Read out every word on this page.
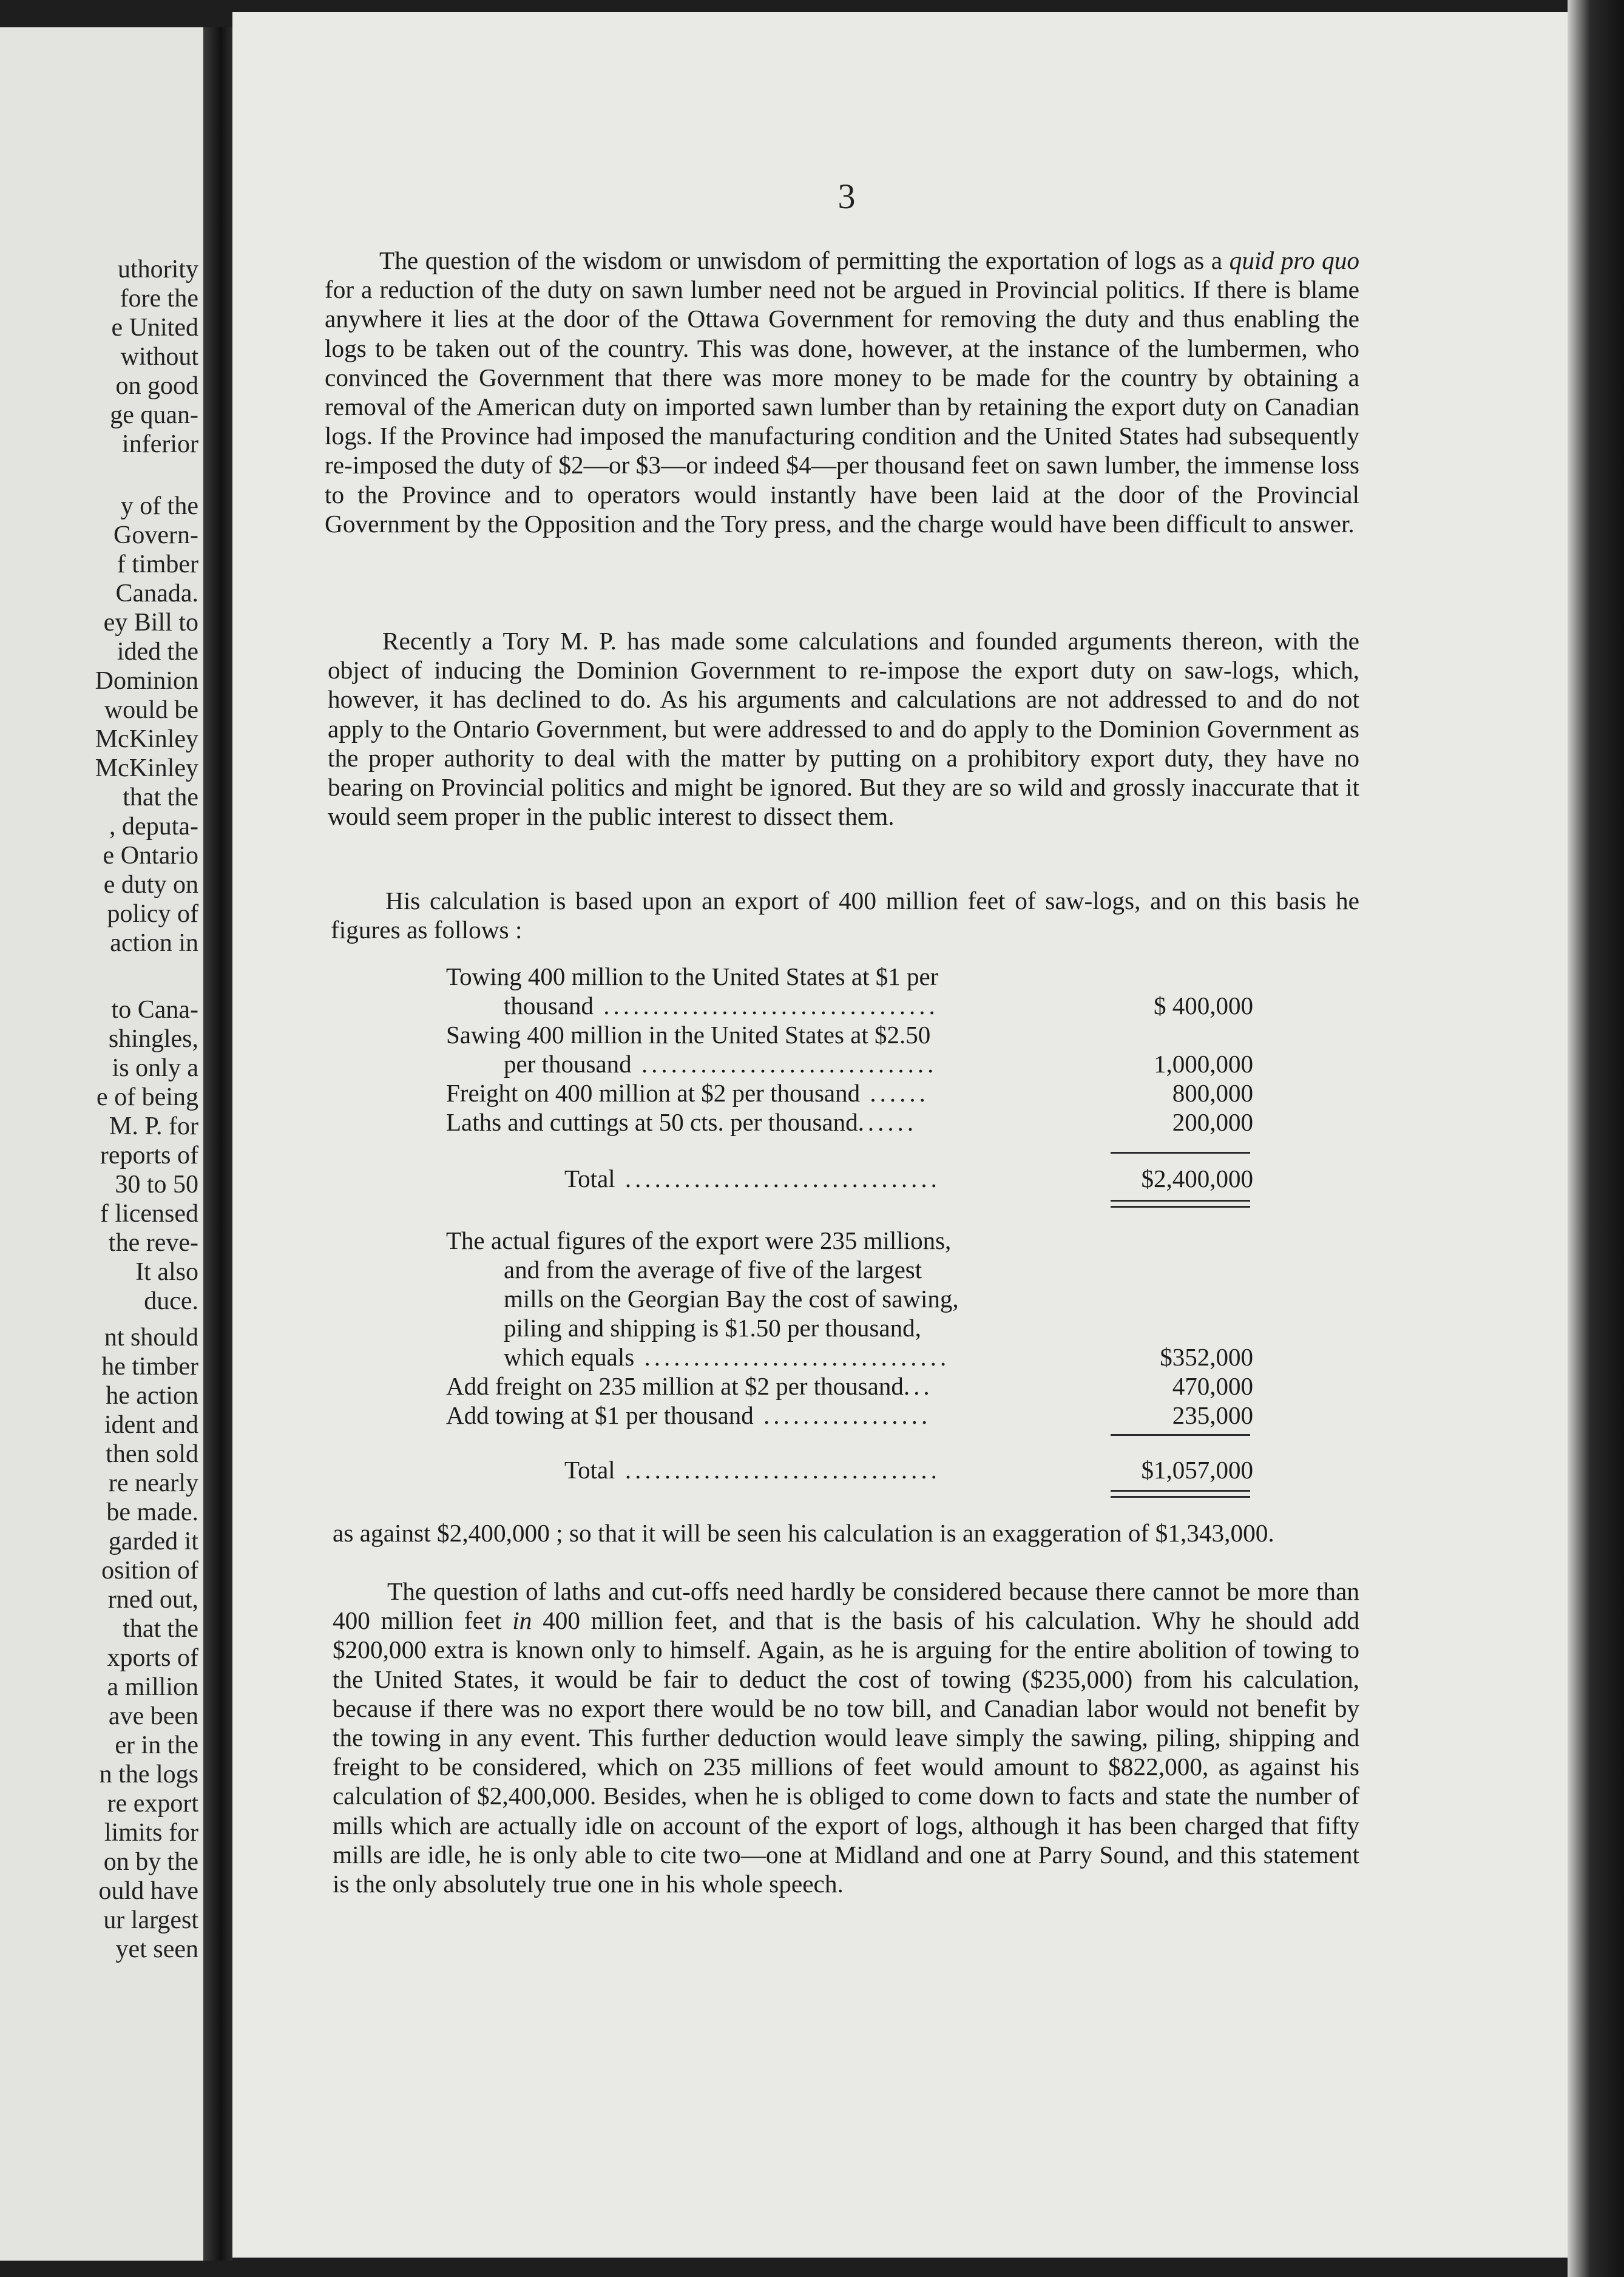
uthority
fore the
e United
without
on good
ge quan-
inferior
y of the
Govern-
f timber
Canada.
ey Bill to
ided the
Dominion
would be
McKinley
McKinley
that the
, deputa-
e Ontario
e duty on
policy of
action in
to Cana-
shingles,
is only a
e of being
M. P. for
reports of
30 to 50
f licensed
the reve-
It also
duce.
nt should
he timber
he action
ident and
then sold
re nearly
be made.
garded it
osition of
rned out,
that the
xports of
a million
ave been
er in the
n the logs
re export
limits for
on by the
ould have
ur largest
yet seen
3

The question of the wisdom or unwisdom of permitting the exportation of logs as a quid pro quo for a reduction of the duty on sawn lumber need not be argued in Provincial politics. If there is blame anywhere it lies at the door of the Ottawa Government for removing the duty and thus enabling the logs to be taken out of the country. This was done, however, at the instance of the lumbermen, who convinced the Government that there was more money to be made for the country by obtaining a removal of the American duty on imported sawn lumber than by retaining the export duty on Canadian logs. If the Province had imposed the manufacturing condition and the United States had subsequently re-imposed the duty of $2—or $3—or indeed $4—per thousand feet on sawn lumber, the immense loss to the Province and to operators would instantly have been laid at the door of the Provincial Government by the Opposition and the Tory press, and the charge would have been difficult to answer.

Recently a Tory M. P. has made some calculations and founded arguments thereon, with the object of inducing the Dominion Government to re-impose the export duty on saw-logs, which, however, it has declined to do. As his arguments and calculations are not addressed to and do not apply to the Ontario Government, but were addressed to and do apply to the Dominion Government as the proper authority to deal with the matter by putting on a prohibitory export duty, they have no bearing on Provincial politics and might be ignored. But they are so wild and grossly inaccurate that it would seem proper in the public interest to dissect them.

His calculation is based upon an export of 400 million feet of saw-logs, and on this basis he figures as follows :

Towing 400 million to the United States at $1 per
thousand ..................................	$ 400,000
Sawing 400 million in the United States at $2.50
per thousand ..............................	1,000,000
Freight on 400 million at $2 per thousand ......	800,000
Laths and cuttings at 50 cts. per thousand......	200,000
Total ................................	$2,400,000
The actual figures of the export were 235 millions,
and from the average of five of the largest
mills on the Georgian Bay the cost of sawing,
piling and shipping is $1.50 per thousand,
which equals ...............................	$352,000
Add freight on 235 million at $2 per thousand...	470,000
Add towing at $1 per thousand .................	235,000
Total ................................	$1,057,000

as against $2,400,000 ; so that it will be seen his calculation is an exaggeration of $1,343,000.

The question of laths and cut-offs need hardly be considered because there cannot be more than 400 million feet in 400 million feet, and that is the basis of his calculation. Why he should add $200,000 extra is known only to himself. Again, as he is arguing for the entire abolition of towing to the United States, it would be fair to deduct the cost of towing ($235,000) from his calculation, because if there was no export there would be no tow bill, and Canadian labor would not benefit by the towing in any event. This further deduction would leave simply the sawing, piling, shipping and freight to be considered, which on 235 millions of feet would amount to $822,000, as against his calculation of $2,400,000. Besides, when he is obliged to come down to facts and state the number of mills which are actually idle on account of the export of logs, although it has been charged that fifty mills are idle, he is only able to cite two—one at Midland and one at Parry Sound, and this statement is the only absolutely true one in his whole speech.
